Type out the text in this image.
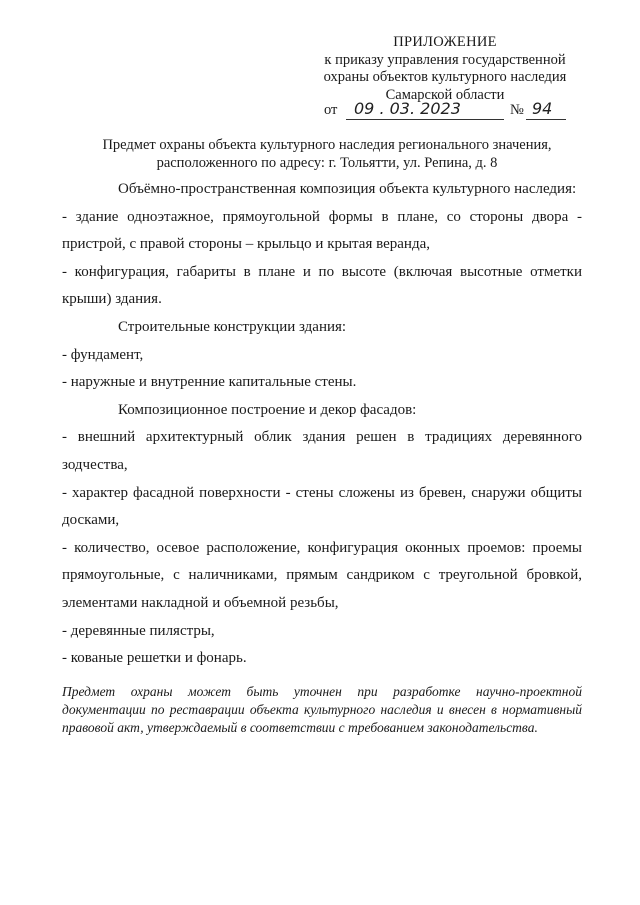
ПРИЛОЖЕНИЕ
к приказу управления государственной
охраны объектов культурного наследия
Самарской области
от 09 . 03. 2023	№ 94
Предмет охраны объекта культурного наследия регионального значения,
расположенного по адресу: г. Тольятти, ул. Репина, д. 8

Объёмно-пространственная композиция объекта культурного наследия:

- здание одноэтажное, прямоугольной формы в плане, со стороны двора - пристрой, с правой стороны – крыльцо и крытая веранда,

- конфигурация, габариты в плане и по высоте (включая высотные отметки крыши) здания.

Строительные конструкции здания:

- фундамент,

- наружные и внутренние капитальные стены.

Композиционное построение и декор фасадов:

- внешний архитектурный облик здания решен в традициях деревянного зодчества,

- характер фасадной поверхности - стены сложены из бревен, снаружи общиты досками,

- количество, осевое расположение, конфигурация оконных проемов: проемы прямоугольные, с наличниками, прямым сандриком с треугольной бровкой, элементами накладной и объемной резьбы,

- деревянные пилястры,

- кованые решетки и фонарь.

Предмет охраны может быть уточнен при разработке научно-проектной документации по реставрации объекта культурного наследия и внесен в нормативный правовой акт, утверждаемый в соответствии с требованием законодательства.
